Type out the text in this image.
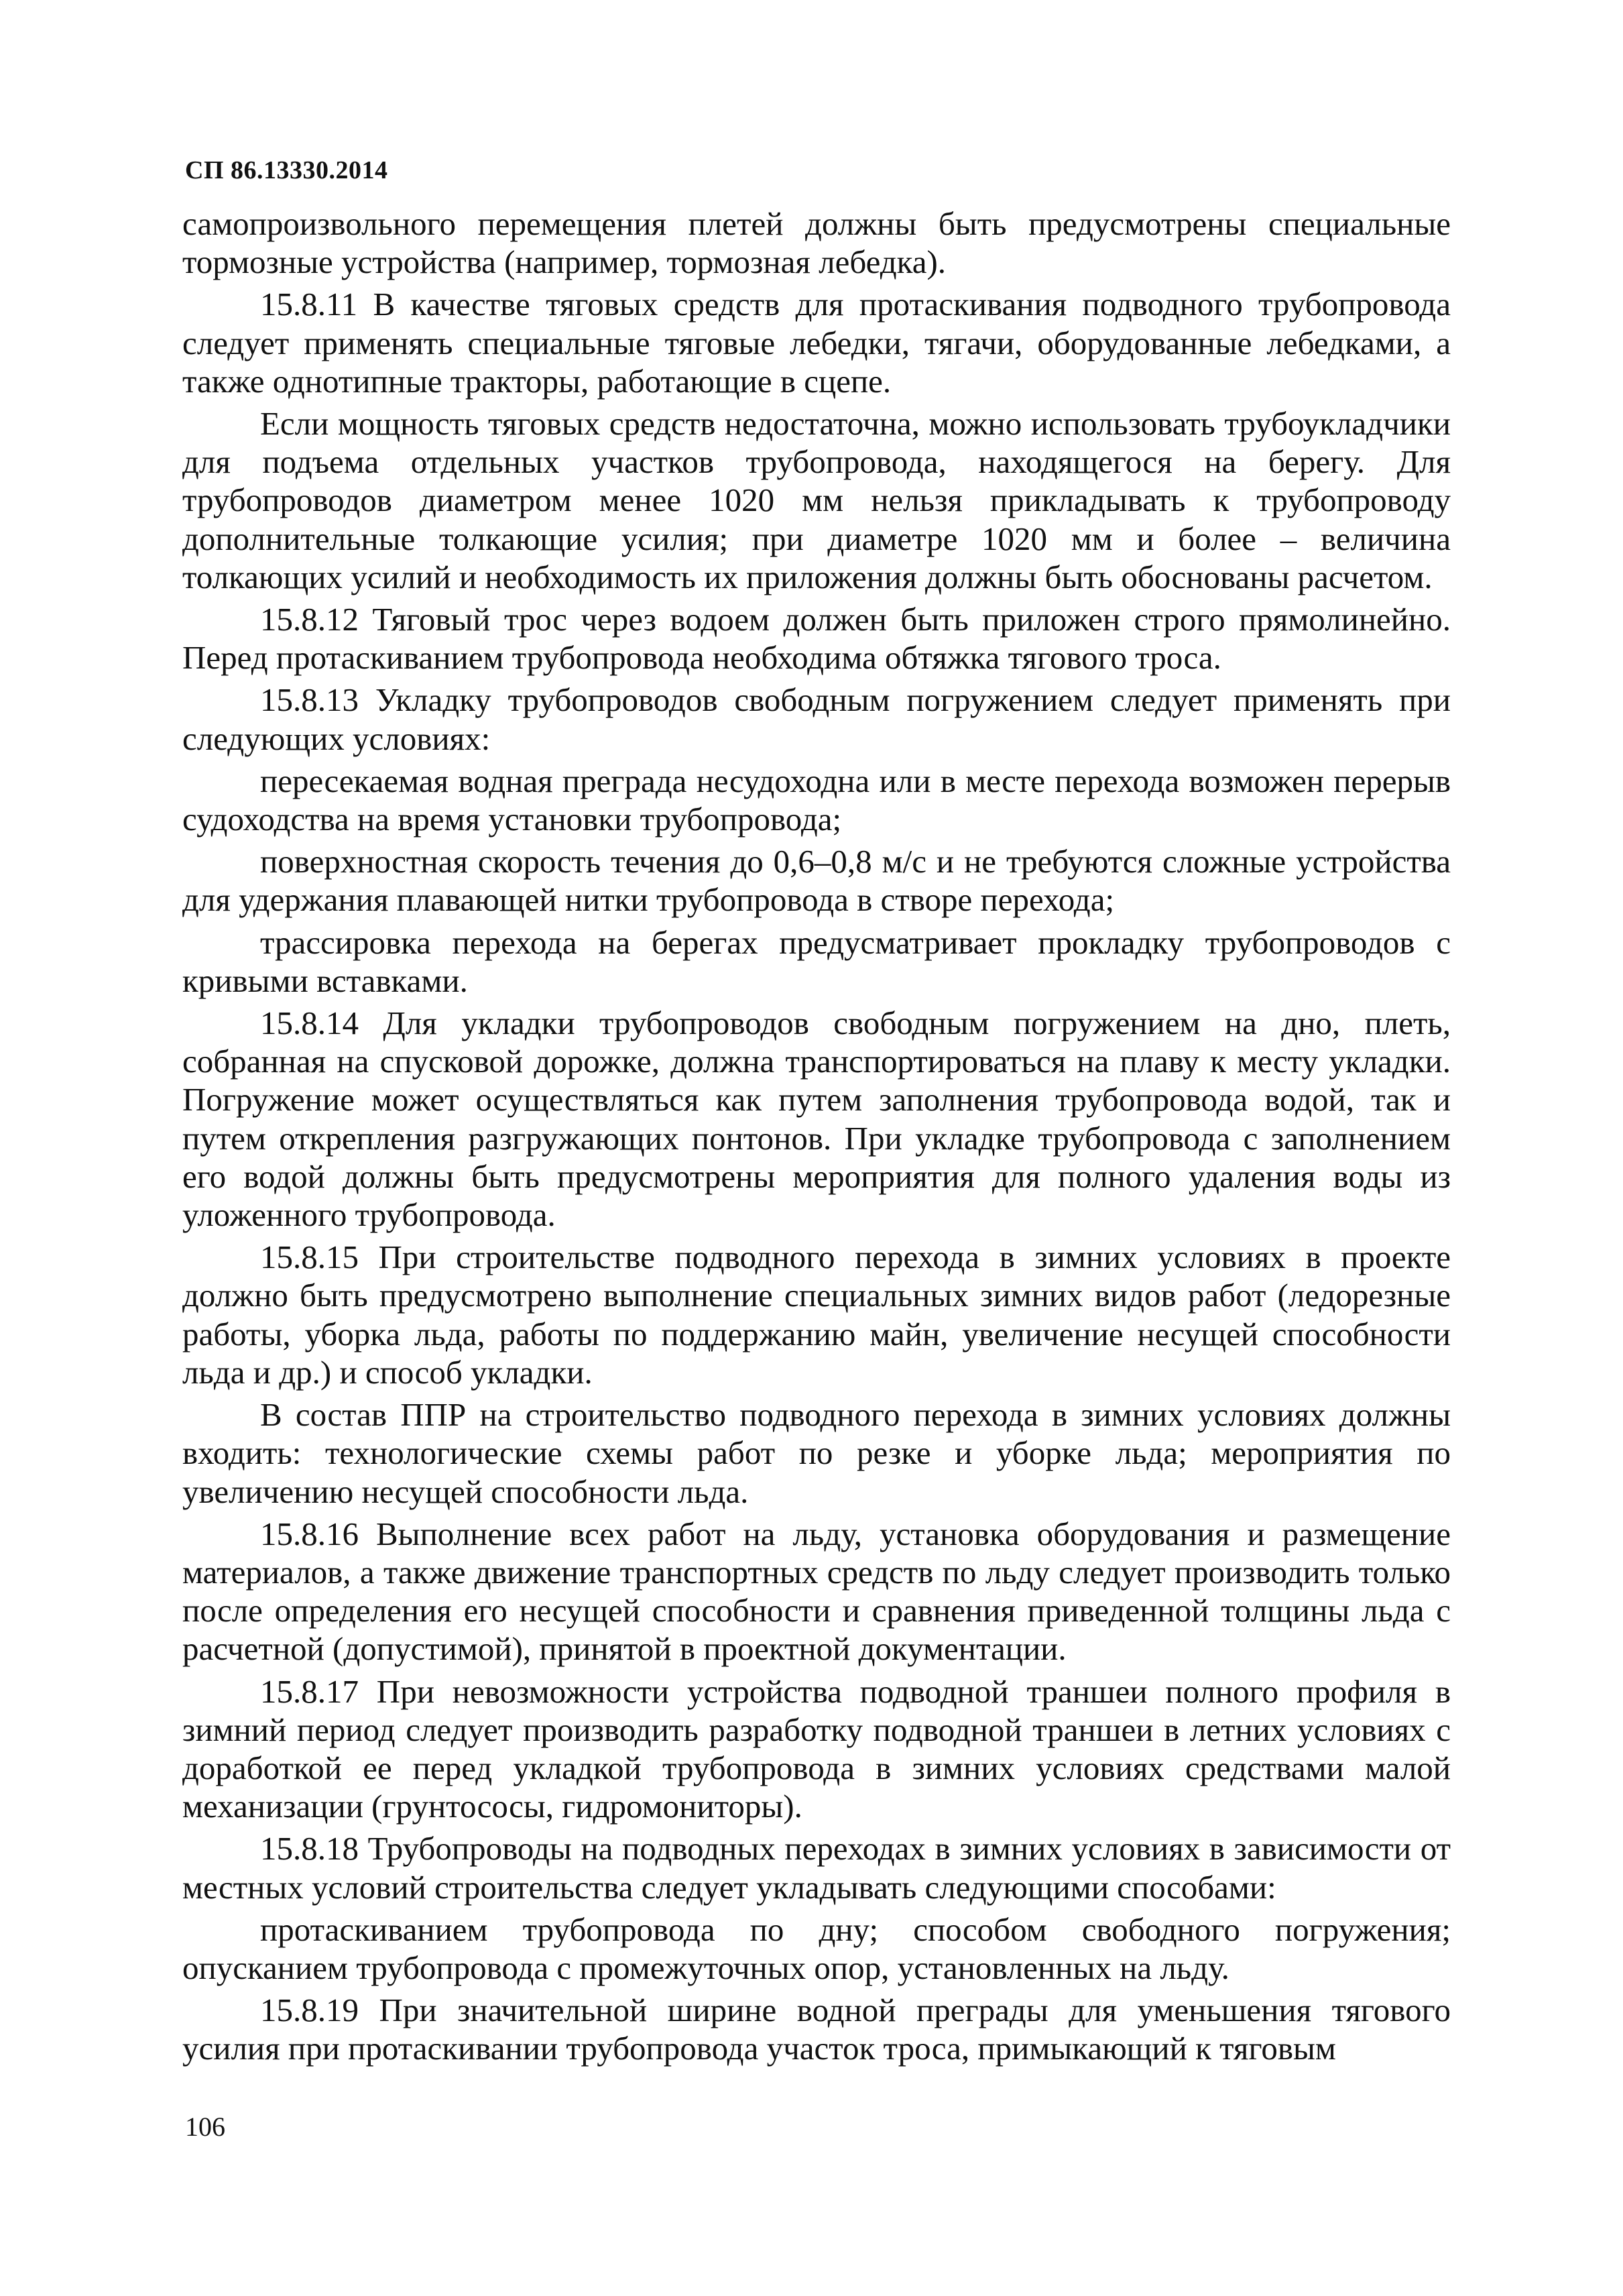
СП 86.13330.2014

самопроизвольного перемещения плетей должны быть предусмотрены специальные тормозные устройства (например, тормозная лебедка).

15.8.11 В качестве тяговых средств для протаскивания подводного трубопровода следует применять специальные тяговые лебедки, тягачи, оборудованные лебедками, а также однотипные тракторы, работающие в сцепе.

Если мощность тяговых средств недостаточна, можно использовать трубоукладчики для подъема отдельных участков трубопровода, находящегося на берегу. Для трубопроводов диаметром менее 1020 мм нельзя прикладывать к трубопроводу дополнительные толкающие усилия; при диаметре 1020 мм и более – величина толкающих усилий и необходимость их приложения должны быть обоснованы расчетом.

15.8.12 Тяговый трос через водоем должен быть приложен строго прямолинейно. Перед протаскиванием трубопровода необходима обтяжка тягового троса.

15.8.13 Укладку трубопроводов свободным погружением следует применять при следующих условиях:

пересекаемая водная преграда несудоходна или в месте перехода возможен перерыв судоходства на время установки трубопровода;

поверхностная скорость течения до 0,6–0,8 м/с и не требуются сложные устройства для удержания плавающей нитки трубопровода в створе перехода;

трассировка перехода на берегах предусматривает прокладку трубопроводов с кривыми вставками.

15.8.14 Для укладки трубопроводов свободным погружением на дно, плеть, собранная на спусковой дорожке, должна транспортироваться на плаву к месту укладки. Погружение может осуществляться как путем заполнения трубопровода водой, так и путем открепления разгружающих понтонов. При укладке трубопровода с заполнением его водой должны быть предусмотрены мероприятия для полного удаления воды из уложенного трубопровода.

15.8.15 При строительстве подводного перехода в зимних условиях в проекте должно быть предусмотрено выполнение специальных зимних видов работ (ледорезные работы, уборка льда, работы по поддержанию майн, увеличение несущей способности льда и др.) и способ укладки.

В состав ППР на строительство подводного перехода в зимних условиях должны входить: технологические схемы работ по резке и уборке льда; мероприятия по увеличению несущей способности льда.

15.8.16 Выполнение всех работ на льду, установка оборудования и размещение материалов, а также движение транспортных средств по льду следует производить только после определения его несущей способности и сравнения приведенной толщины льда с расчетной (допустимой), принятой в проектной документации.

15.8.17 При невозможности устройства подводной траншеи полного профиля в зимний период следует производить разработку подводной траншеи в летних условиях с доработкой ее перед укладкой трубопровода в зимних условиях средствами малой механизации (грунтососы, гидромониторы).

15.8.18 Трубопроводы на подводных переходах в зимних условиях в зависимости от местных условий строительства следует укладывать следующими способами:

протаскиванием трубопровода по дну; способом свободного погружения; опусканием трубопровода с промежуточных опор, установленных на льду.

15.8.19 При значительной ширине водной преграды для уменьшения тягового усилия при протаскивании трубопровода участок троса, примыкающий к тяговым

106
